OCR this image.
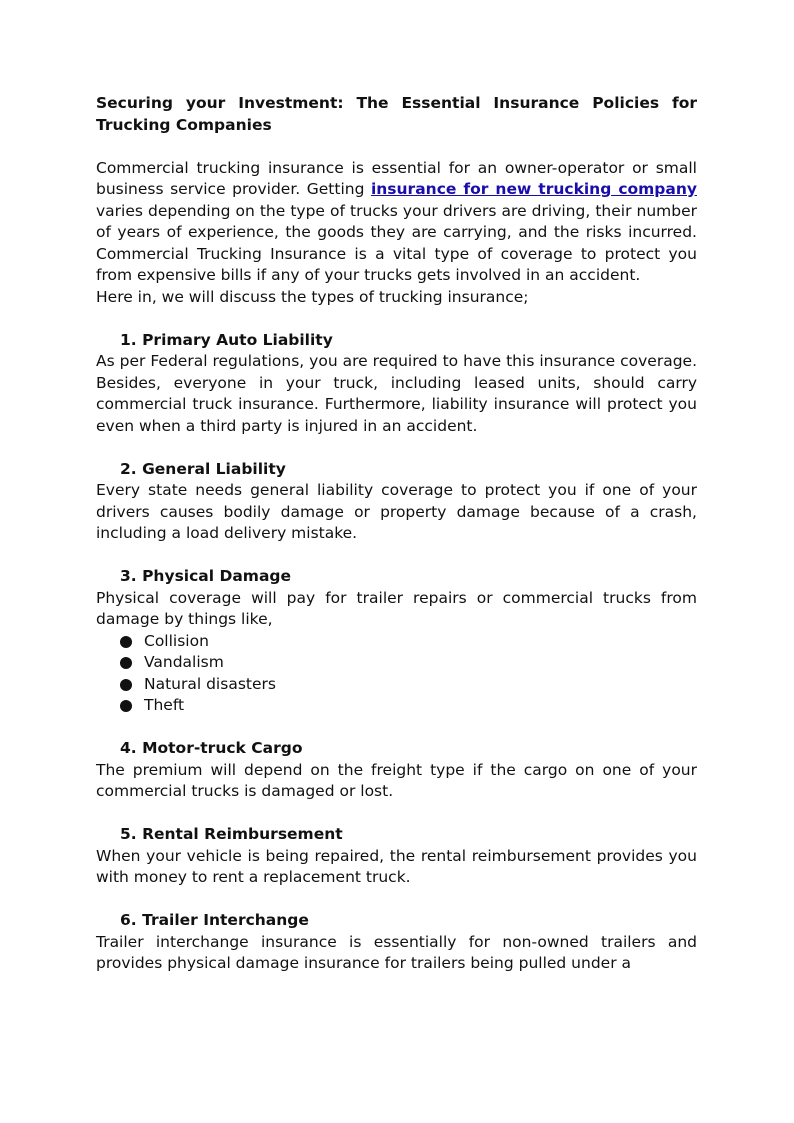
Securing your Investment: The Essential Insurance Policies for Trucking Companies

Commercial trucking insurance is essential for an owner-operator or small business service provider. Getting insurance for new trucking company varies depending on the type of trucks your drivers are driving, their number of years of experience, the goods they are carrying, and the risks incurred. Commercial Trucking Insurance is a vital type of coverage to protect you from expensive bills if any of your trucks gets involved in an accident.

Here in, we will discuss the types of trucking insurance;

1. Primary Auto Liability

As per Federal regulations, you are required to have this insurance coverage. Besides, everyone in your truck, including leased units, should carry commercial truck insurance. Furthermore, liability insurance will protect you even when a third party is injured in an accident.

2. General Liability

Every state needs general liability coverage to protect you if one of your drivers causes bodily damage or property damage because of a crash, including a load delivery mistake.

3. Physical Damage

Physical coverage will pay for trailer repairs or commercial trucks from damage by things like,

Collision
Vandalism
Natural disasters
Theft

4. Motor-truck Cargo

The premium will depend on the freight type if the cargo on one of your commercial trucks is damaged or lost.

5. Rental Reimbursement

When your vehicle is being repaired, the rental reimbursement provides you with money to rent a replacement truck.

6. Trailer Interchange

Trailer interchange insurance is essentially for non-owned trailers and provides physical damage insurance for trailers being pulled under a
